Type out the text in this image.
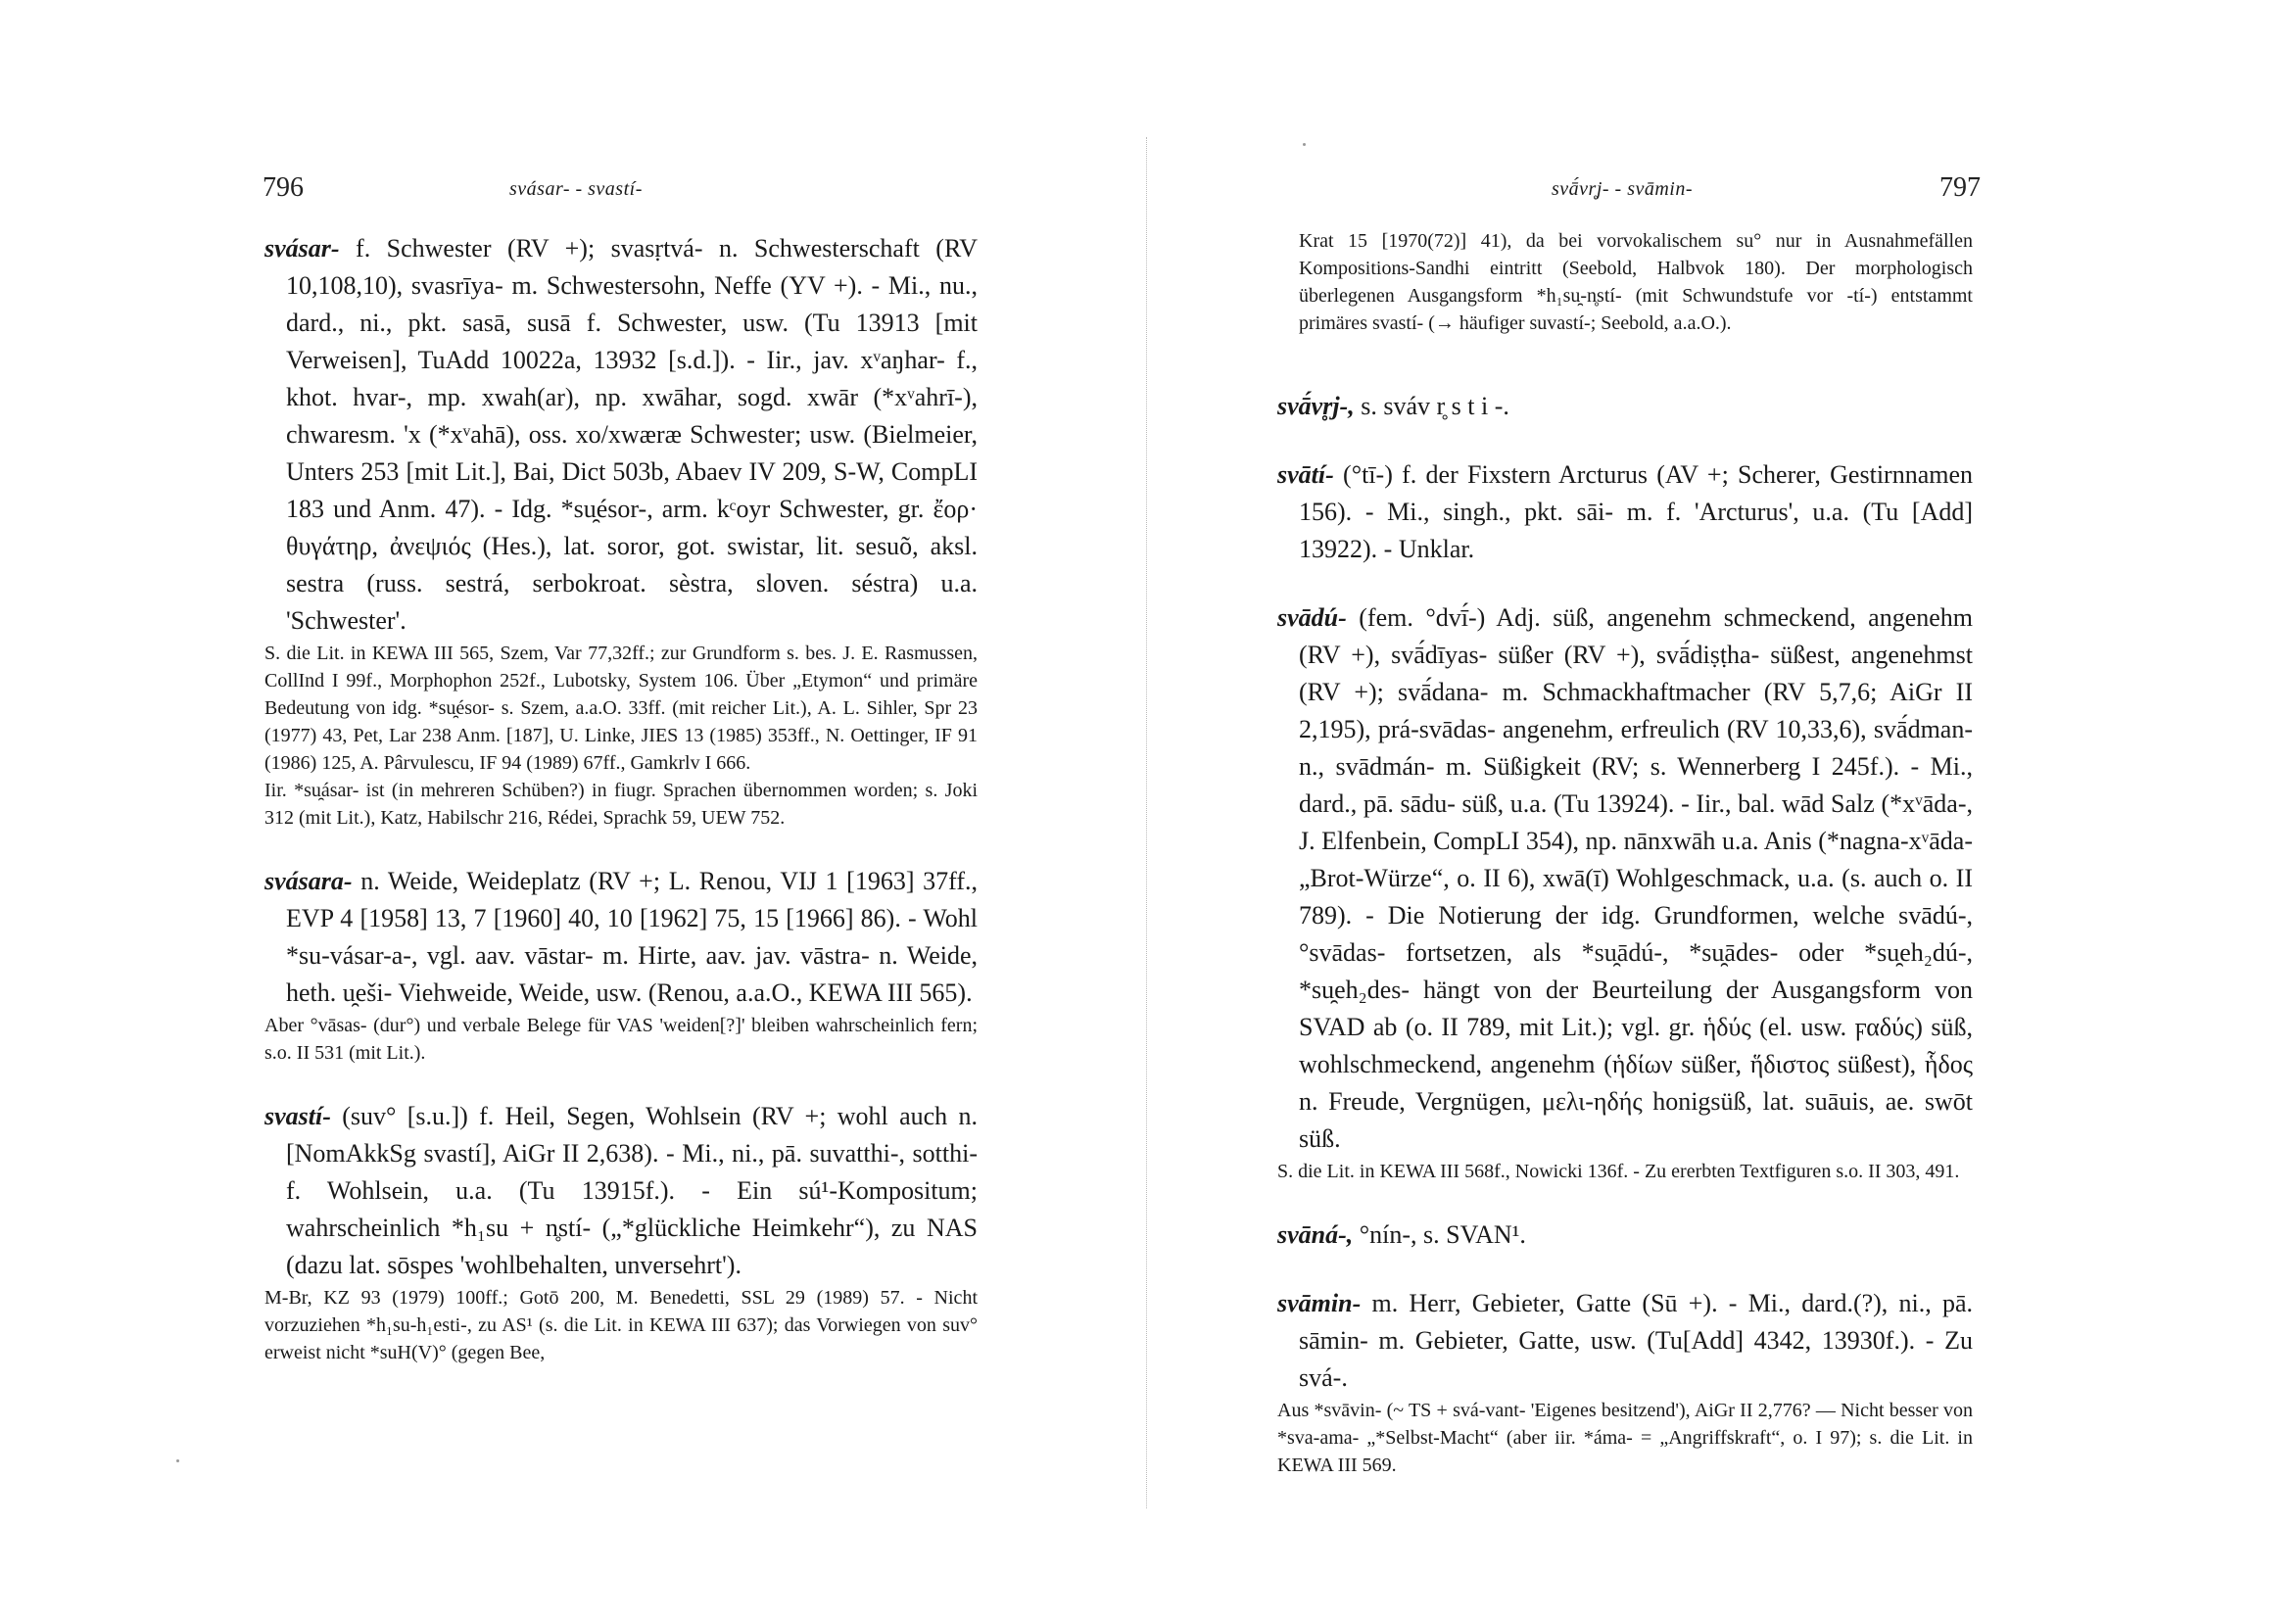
796	svásar- - svastí-

svásar- f. Schwester (RV +); svasṛtvá- n. Schwesterschaft (RV 10,108,10), svasrīya- m. Schwestersohn, Neffe (YV +). - Mi., nu., dard., ni., pkt. sasā, susā f. Schwester, usw. (Tu 13913 [mit Verweisen], TuAdd 10022a, 13932 [s.d.]). - Iir., jav. xᵛaŋhar- f., khot. hvar-, mp. xwah(ar), np. xwāhar, sogd. xwār (*xᵛahrī-), chwaresm. 'x (*xᵛahā), oss. xo/xwæræ Schwester; usw. (Bielmeier, Unters 253 [mit Lit.], Bai, Dict 503b, Abaev IV 209, S-W, CompLI 183 und Anm. 47). - Idg. *su̯ésor-, arm. kᶜoyr Schwester, gr. ἔορ· θυγάτηρ, ἀνεψιός (Hes.), lat. soror, got. swistar, lit. sesuõ, aksl. sestra (russ. sestrá, serbokroat. sèstra, sloven. séstra) u.a. 'Schwester'.

S. die Lit. in KEWA III 565, Szem, Var 77,32ff.; zur Grundform s. bes. J. E. Rasmussen, CollInd I 99f., Morphophon 252f., Lubotsky, System 106. Über „Etymon“ und primäre Bedeutung von idg. *su̯ésor- s. Szem, a.a.O. 33ff. (mit reicher Lit.), A. L. Sihler, Spr 23 (1977) 43, Pet, Lar 238 Anm. [187], U. Linke, JIES 13 (1985) 353ff., N. Oettinger, IF 91 (1986) 125, A. Pârvulescu, IF 94 (1989) 67ff., Gamkrlv I 666.

Iir. *su̯ásar- ist (in mehreren Schüben?) in fiugr. Sprachen übernommen worden; s. Joki 312 (mit Lit.), Katz, Habilschr 216, Rédei, Sprachk 59, UEW 752.

svásara- n. Weide, Weideplatz (RV +; L. Renou, VIJ 1 [1963] 37ff., EVP 4 [1958] 13, 7 [1960] 40, 10 [1962] 75, 15 [1966] 86). - Wohl *su-vásar-a-, vgl. aav. vāstar- m. Hirte, aav. jav. vāstra- n. Weide, heth. u̯eši- Viehweide, Weide, usw. (Renou, a.a.O., KEWA III 565).

Aber °vāsas- (dur°) und verbale Belege für VAS 'weiden[?]' bleiben wahrscheinlich fern; s.o. II 531 (mit Lit.).

svastí- (suv° [s.u.]) f. Heil, Segen, Wohlsein (RV +; wohl auch n. [NomAkkSg svastí], AiGr II 2,638). - Mi., ni., pā. suvatthi-, sotthi- f. Wohlsein, u.a. (Tu 13915f.). - Ein sú¹-Kompositum; wahrscheinlich *h₁su + n̥stí- („*glückliche Heimkehr“), zu NAS (dazu lat. sōspes 'wohlbehalten, unversehrt').

M-Br, KZ 93 (1979) 100ff.; Gotō 200, M. Benedetti, SSL 29 (1989) 57. - Nicht vorzuziehen *h₁su-h₁esti-, zu AS¹ (s. die Lit. in KEWA III 637); das Vorwiegen von suv° erweist nicht *suH(V)° (gegen Bee,

svā́vr̥j- - svāmin-	797

Krat 15 [1970(72)] 41), da bei vorvokalischem su° nur in Ausnahmefällen Kompositions-Sandhi eintritt (Seebold, Halbvok 180). Der morphologisch überlegenen Ausgangsform *h₁su̯-n̥stí- (mit Schwundstufe vor -tí-) entstammt primäres svastí- (→ häufiger suvastí-; Seebold, a.a.O.).

svā́vr̥j-, s. sváv r̥ s t i -.

svātí- (°tī-) f. der Fixstern Arcturus (AV +; Scherer, Gestirnnamen 156). - Mi., singh., pkt. sāi- m. f. 'Arcturus', u.a. (Tu [Add] 13922). - Unklar.

svādú- (fem. °dvī́-) Adj. süß, angenehm schmeckend, angenehm (RV +), svā́dīyas- süßer (RV +), svā́diṣṭha- süßest, angenehmst (RV +); svā́dana- m. Schmackhaftmacher (RV 5,7,6; AiGr II 2,195), prá-svādas- angenehm, erfreulich (RV 10,33,6), svā́dman- n., svādmán- m. Süßigkeit (RV; s. Wennerberg I 245f.). - Mi., dard., pā. sādu- süß, u.a. (Tu 13924). - Iir., bal. wād Salz (*xᵛāda-, J. Elfenbein, CompLI 354), np. nānxwāh u.a. Anis (*nagna-xᵛāda- „Brot-Würze“, o. II 6), xwā(ī) Wohlgeschmack, u.a. (s. auch o. II 789). - Die Notierung der idg. Grundformen, welche svādú-, °svādas- fortsetzen, als *su̯ādú-, *su̯ādes- oder *su̯eh₂dú-, *su̯eh₂des- hängt von der Beurteilung der Ausgangsform von SVAD ab (o. II 789, mit Lit.); vgl. gr. ἡδύς (el. usw. ϝαδύς) süß, wohlschmeckend, angenehm (ἡδίων süßer, ἥδιστος süßest), ἧδος n. Freude, Vergnügen, μελι-ηδής honigsüß, lat. suāuis, ae. swōt süß.

S. die Lit. in KEWA III 568f., Nowicki 136f. - Zu ererbten Textfiguren s.o. II 303, 491.

svāná-, °nín-, s. SVAN¹.

svāmin- m. Herr, Gebieter, Gatte (Sū +). - Mi., dard.(?), ni., pā. sāmin- m. Gebieter, Gatte, usw. (Tu[Add] 4342, 13930f.). - Zu svá-.

Aus *svāvin- (~ TS + svá-vant- 'Eigenes besitzend'), AiGr II 2,776? — Nicht besser von *sva-ama- „*Selbst-Macht“ (aber iir. *áma- = „Angriffskraft“, o. I 97); s. die Lit. in KEWA III 569.
